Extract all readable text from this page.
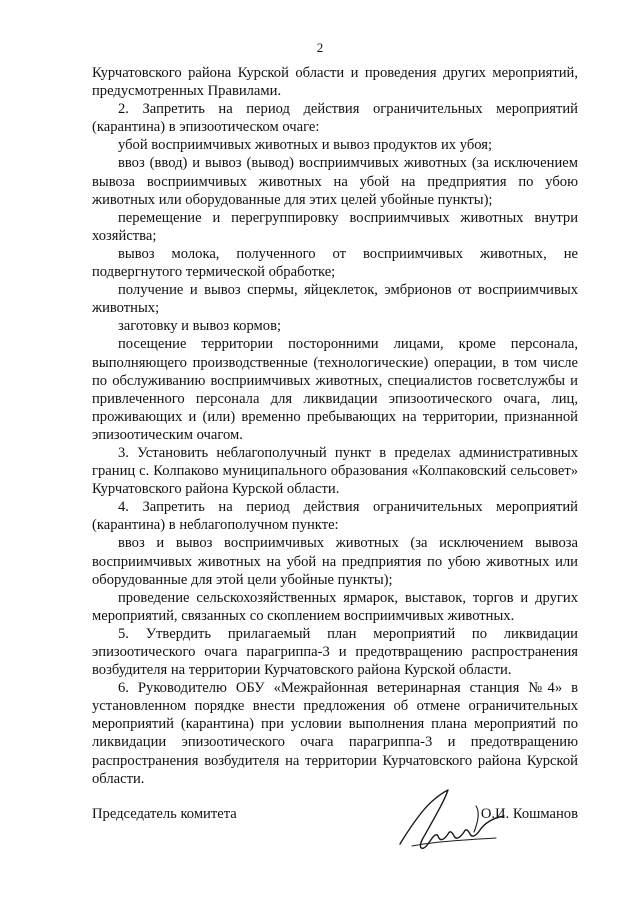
2

Курчатовского района Курской области и проведения других мероприятий, предусмотренных Правилами.

2. Запретить на период действия ограничительных мероприятий (карантина) в эпизоотическом очаге:

убой восприимчивых животных и вывоз продуктов их убоя;

ввоз (ввод) и вывоз (вывод) восприимчивых животных (за исключением вывоза восприимчивых животных на убой на предприятия по убою животных или оборудованные для этих целей убойные пункты);

перемещение и перегруппировку восприимчивых животных внутри хозяйства;

вывоз молока, полученного от восприимчивых животных, не подвергнутого термической обработке;

получение и вывоз спермы, яйцеклеток, эмбрионов от восприимчивых животных;

заготовку и вывоз кормов;

посещение территории посторонними лицами, кроме персонала, выполняющего производственные (технологические) операции, в том числе по обслуживанию восприимчивых животных, специалистов госветслужбы и привлеченного персонала для ликвидации эпизоотического очага, лиц, проживающих и (или) временно пребывающих на территории, признанной эпизоотическим очагом.

3. Установить неблагополучный пункт в пределах административных границ с. Колпаково муниципального образования «Колпаковский сельсовет» Курчатовского района Курской области.

4. Запретить на период действия ограничительных мероприятий (карантина) в неблагополучном пункте:

ввоз и вывоз восприимчивых животных (за исключением вывоза восприимчивых животных на убой на предприятия по убою животных или оборудованные для этой цели убойные пункты);

проведение сельскохозяйственных ярмарок, выставок, торгов и других мероприятий, связанных со скоплением восприимчивых животных.

5. Утвердить прилагаемый план мероприятий по ликвидации эпизоотического очага парагриппа-3 и предотвращению распространения возбудителя на территории Курчатовского района Курской области.

6. Руководителю ОБУ «Межрайонная ветеринарная станция №4» в установленном порядке внести предложения об отмене ограничительных мероприятий (карантина) при условии выполнения плана мероприятий по ликвидации эпизоотического очага парагриппа-3 и предотвращению распространения возбудителя на территории Курчатовского района Курской области.

Председатель комитета	О.И. Кошманов
